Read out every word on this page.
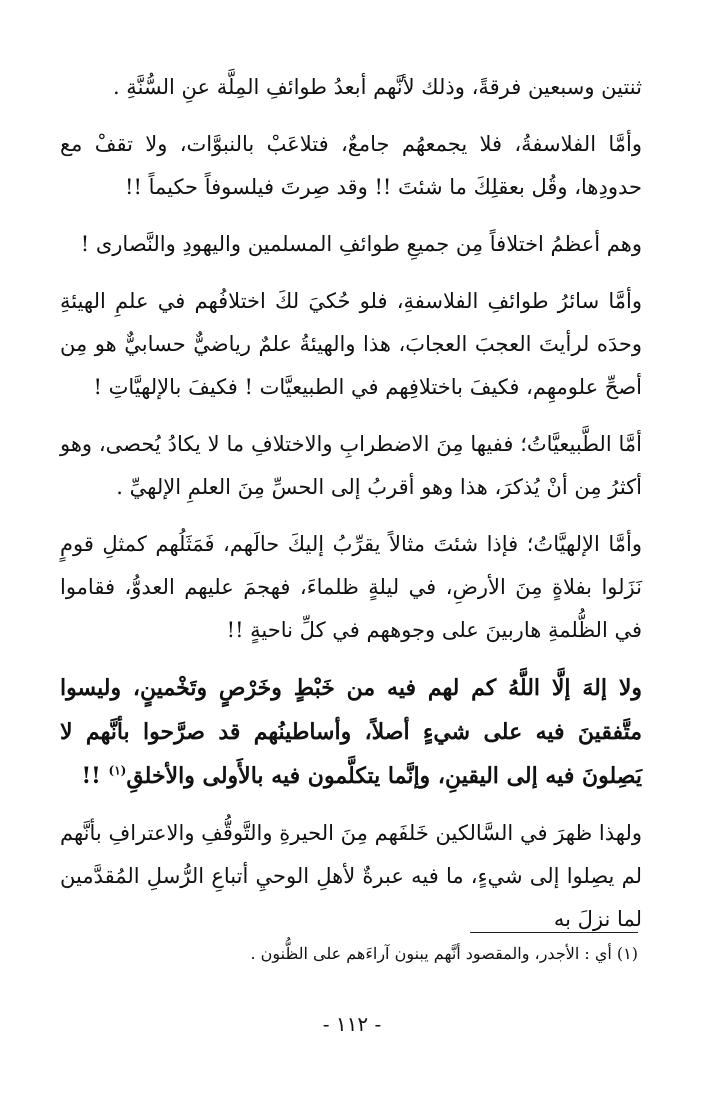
ثنتين وسبعين فرقةً، وذلك لأنَّهم أبعدُ طوائفِ المِلَّة عنِ السُّنَّةِ .

وأمَّا الفلاسفةُ، فلا يجمعهُم جامعٌ، فتلاعَبْ بالنبوَّات، ولا تقفْ مع حدودِها، وقُل بعقلِكَ ما شئتَ !! وقد صِرتَ فيلسوفاً حكيماً !!

وهم أعظمُ اختلافاً مِن جميعِ طوائفِ المسلمين واليهودِ والنَّصارى !

وأمَّا سائرُ طوائفِ الفلاسفةِ، فلو حُكيَ لكَ اختلافُهم في علمِ الهيئةِ وحدَه لرأيتَ العجبَ العجابَ، هذا والهيئةُ علمٌ رياضيٌّ حسابيٌّ هو مِن أصحِّ علومهِم، فكيفَ باختلافِهم في الطبيعيَّات ! فكيفَ بالإلهيَّاتِ !

أمَّا الطَّبيعيَّاتُ؛ ففيها مِنَ الاضطرابِ والاختلافِ ما لا يكادُ يُحصى، وهو أكثرُ مِن أنْ يُذكرَ، هذا وهو أقربُ إلى الحسِّ مِنَ العلمِ الإلهيِّ .

وأمَّا الإلهيَّاتُ؛ فإذا شئتَ مثالاً يقرِّبُ إليكَ حالَهم، فَمَثَلُهم كمثلِ قومٍ نَزَلوا بفلاةٍ مِنَ الأرضِ، في ليلةٍ ظلماءَ، فهجمَ عليهم العدوُّ، فقاموا في الظُّلمةِ هاربينَ على وجوههم في كلِّ ناحيةٍ !!

ولا إلهَ إلَّا اللَّهُ كم لهم فيه من خَبْطٍ وخَرْصٍ وتَخْمينٍ، وليسوا متَّفقينَ فيه على شيءٍ أصلاً، وأساطينُهم قد صرَّحوا بأنَّهم لا يَصِلونَ فيه إلى اليقينِ، وإنَّما يتكلَّمون فيه بالأَولى والأخلقِ$^{(١)}$ !!

ولهذا ظهرَ في السَّالكين خَلفَهم مِنَ الحيرةِ والتَّوقُّفِ والاعترافِ بأنَّهم لم يصِلوا إلى شيءٍ، ما فيه عبرةٌ لأهلِ الوحيِ أتباعِ الرُّسلِ المُقدَّمين لما نزلَ به

(١) أي : الأجدر، والمقصود أنَّهم يبنون آراءَهم على الظُّنون .
- ١١٢ -
